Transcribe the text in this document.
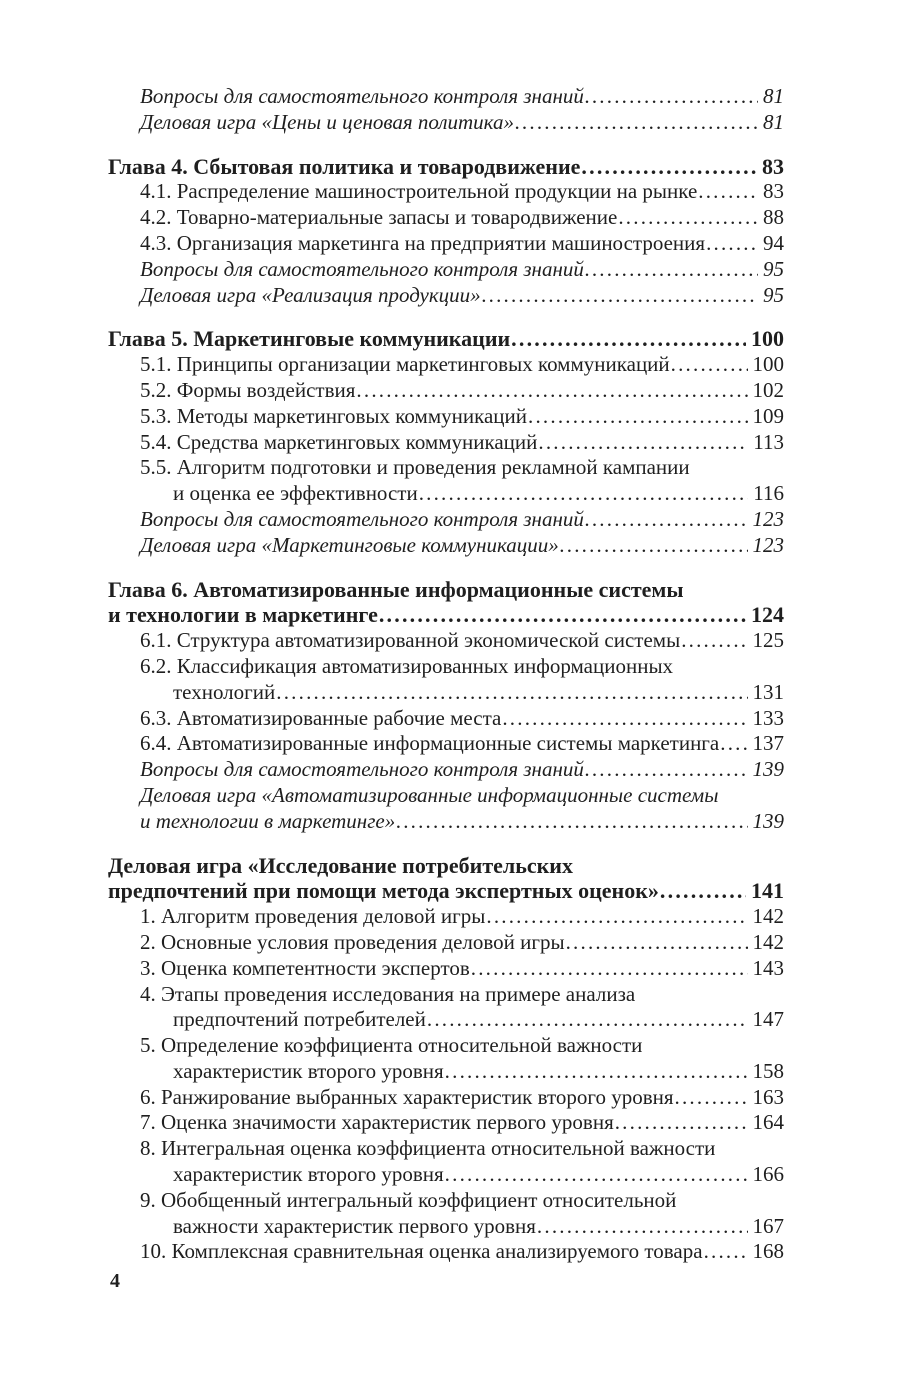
Вопросы для самостоятельного контроля знаний .....	81
Деловая игра «Цены и ценовая политика» .....	81
Глава 4. Сбытовая политика и товародвижение .....	83
4.1. Распределение машиностроительной продукции на рынке .....	83
4.2. Товарно-материальные запасы и товародвижение .....	88
4.3. Организация маркетинга на предприятии машиностроения .....	94
Вопросы для самостоятельного контроля знаний .....	95
Деловая игра «Реализация продукции» .....	95
Глава 5. Маркетинговые коммуникации .....	100
5.1. Принципы организации маркетинговых коммуникаций .....	100
5.2. Формы воздействия .....	102
5.3. Методы маркетинговых коммуникаций .....	109
5.4. Средства маркетинговых коммуникаций .....	113
5.5. Алгоритм подготовки и проведения рекламной кампании
и оценка ее эффективности .....	116
Вопросы для самостоятельного контроля знаний .....	123
Деловая игра «Маркетинговые коммуникации» .....	123
Глава 6. Автоматизированные информационные системы
и технологии в маркетинге .....	124
6.1. Структура автоматизированной экономической системы .....	125
6.2. Классификация автоматизированных информационных
технологий .....	131
6.3. Автоматизированные рабочие места .....	133
6.4. Автоматизированные информационные системы маркетинга ..... 137
Вопросы для самостоятельного контроля знаний .....	139
Деловая игра «Автоматизированные информационные системы
и технологии в маркетинге» .....	139
Деловая игра «Исследование потребительских
предпочтений при помощи метода экспертных оценок» .....	141
1. Алгоритм проведения деловой игры .....	142
2. Основные условия проведения деловой игры .....	142
3. Оценка компетентности экспертов .....	143
4. Этапы проведения исследования на примере анализа
предпочтений потребителей .....	147
5. Определение коэффициента относительной важности
характеристик второго уровня .....	158
6. Ранжирование выбранных характеристик второго уровня .....	163
7. Оценка значимости характеристик первого уровня .....	164
8. Интегральная оценка коэффициента относительной важности
характеристик второго уровня .....	166
9. Обобщенный интегральный коэффициент относительной
важности характеристик первого уровня .....	167
10. Комплексная сравнительная оценка анализируемого товара ..... 168
4
